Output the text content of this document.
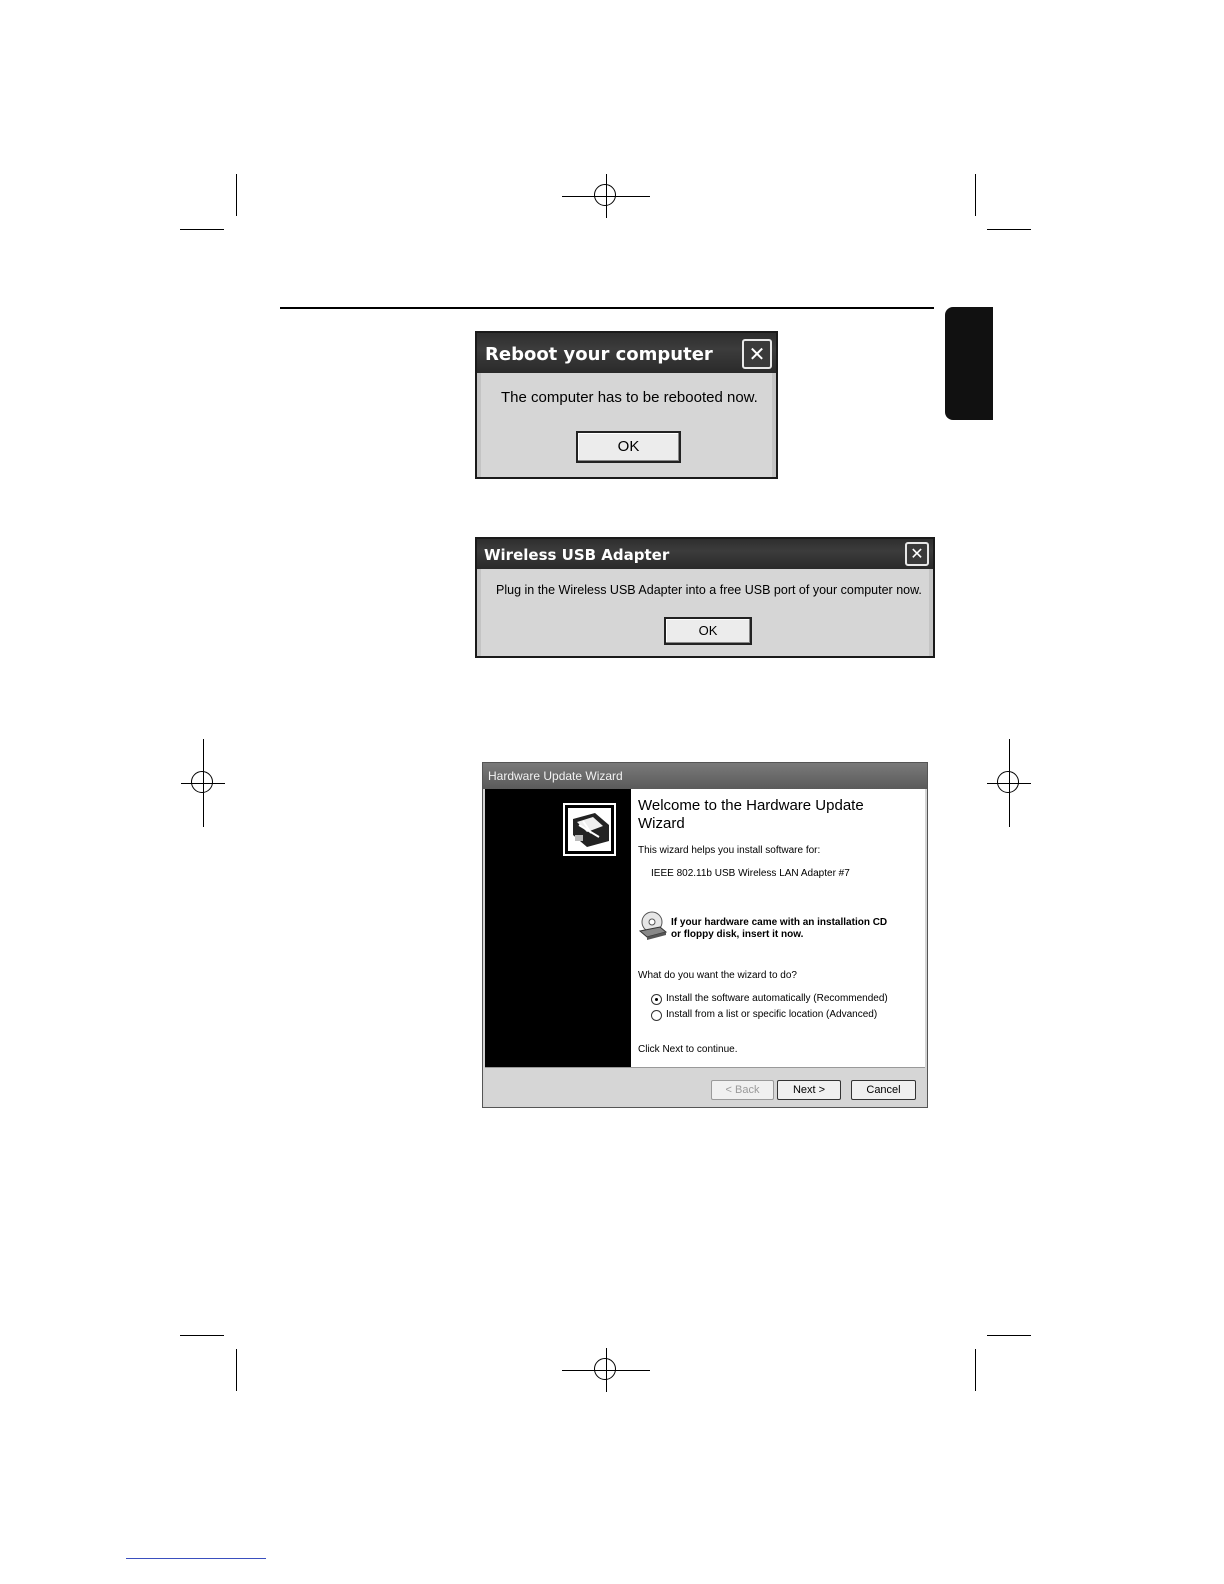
Reboot your computer	✕
The computer has to be rebooted now.
OK
Wireless USB Adapter	✕
Plug in the Wireless USB Adapter into a free USB port of your computer now.
OK
Hardware Update Wizard
Welcome to the Hardware Update Wizard
This wizard helps you install software for:
IEEE 802.11b USB Wireless LAN Adapter #7
If your hardware came with an installation CD
or floppy disk, insert it now.
What do you want the wizard to do?
Install the software automatically (Recommended)
Install from a list or specific location (Advanced)
Click Next to continue.
< Back	Next >	Cancel
